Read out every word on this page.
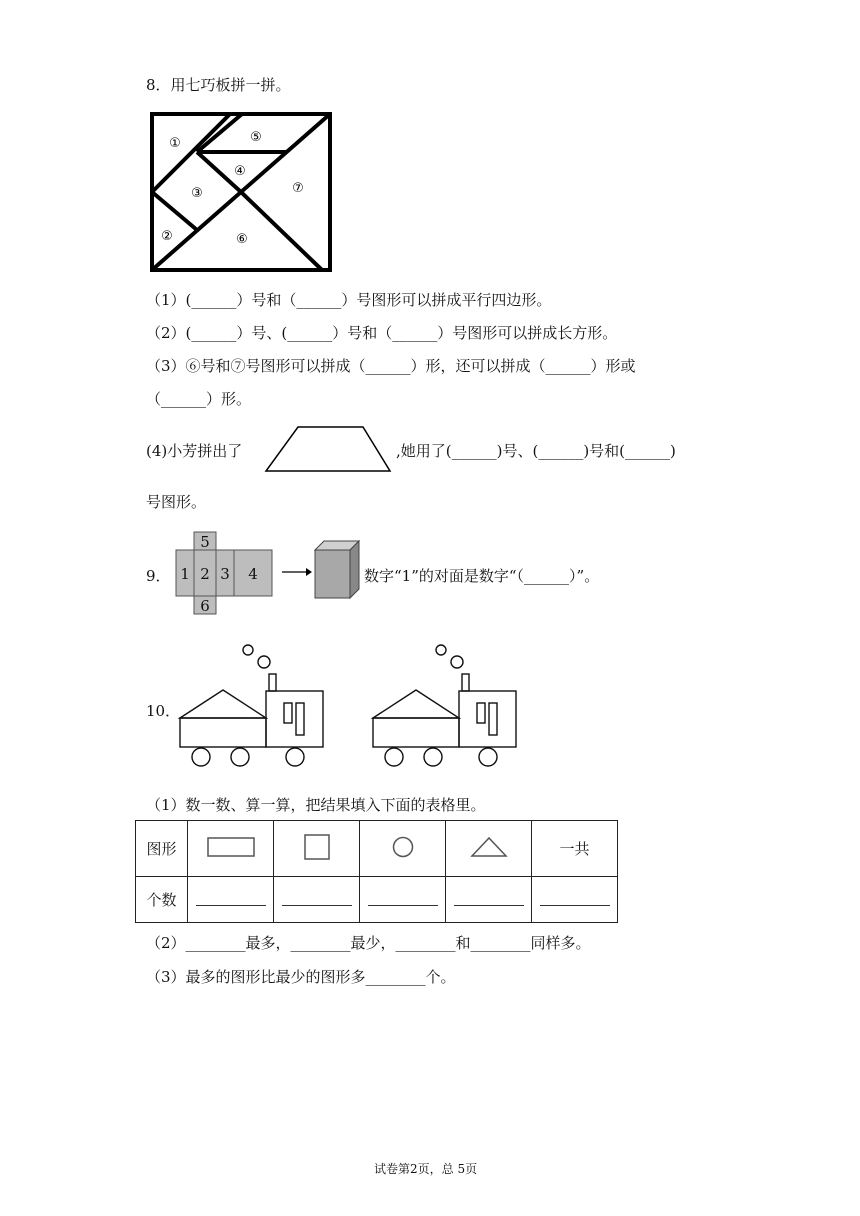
8．用七巧板拼一拼。
①
②
③
④
⑤
⑥
⑦
（1）(______）号和（______）号图形可以拼成平行四边形。
（2）(______）号、(______）号和（______）号图形可以拼成长方形。
（3）⑥号和⑦号图形可以拼成（______）形，还可以拼成（______）形或
（______）形。
(4)小芳拼出了	,她用了(______)号、(______)号和(______)
号图形。
9．
5
1 2 3 4
6
数字“1”的对面是数字“（______）”。
10．
（1）数一数、算一算，把结果填入下面的表格里。
图形					一共
个数					
（2）________最多，________最少，________和________同样多。
（3）最多的图形比最少的图形多________个。
试卷第2页，总 5页
